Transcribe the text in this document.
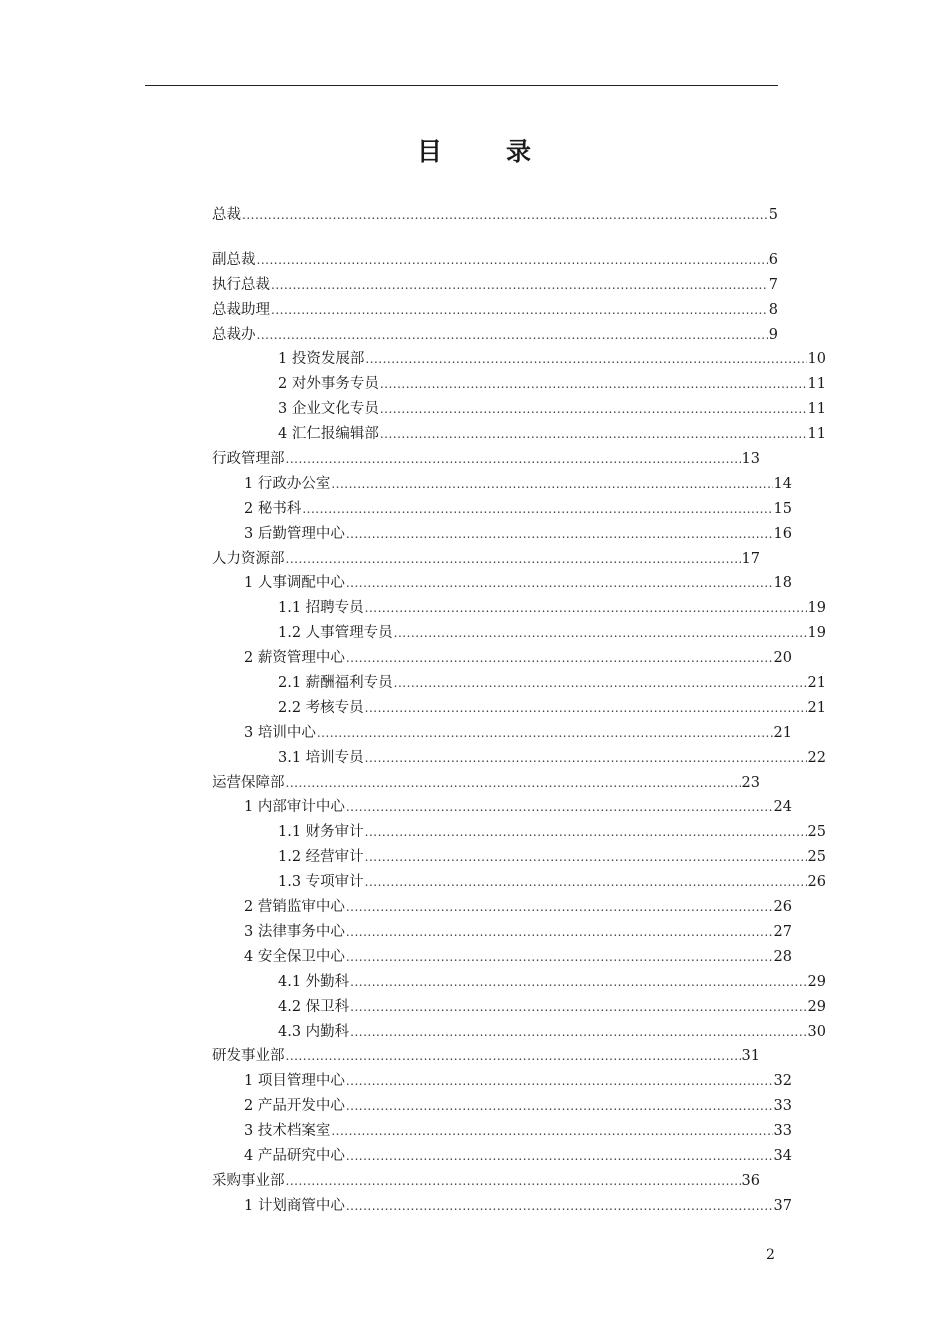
目 录
总裁 .....	5
副总裁 .....	6
执行总裁 .....	7
总裁助理 .....	8
总裁办 .....	9
1 投资发展部 .....	10
2 对外事务专员 .....	11
3 企业文化专员 .....	11
4 汇仁报编辑部 .....	11
行政管理部 .....	13
1 行政办公室 .....	14
2 秘书科 .....	15
3 后勤管理中心 .....	16
人力资源部 .....	17
1 人事调配中心 .....	18
1.1 招聘专员 .....	19
1.2 人事管理专员 .....	19
2 薪资管理中心 .....	20
2.1 薪酬福利专员 .....	21
2.2 考核专员 .....	21
3 培训中心 .....	21
3.1 培训专员 .....	22
运营保障部 .....	23
1 内部审计中心 .....	24
1.1 财务审计 .....	25
1.2 经营审计 .....	25
1.3 专项审计 .....	26
2 营销监审中心 .....	26
3 法律事务中心 .....	27
4 安全保卫中心 .....	28
4.1 外勤科 .....	29
4.2 保卫科 .....	29
4.3 内勤科 .....	30
研发事业部 .....	31
1 项目管理中心 .....	32
2 产品开发中心 .....	33
3 技术档案室 .....	33
4 产品研究中心 .....	34
采购事业部 .....	36
1 计划商管中心 .....	37
2
